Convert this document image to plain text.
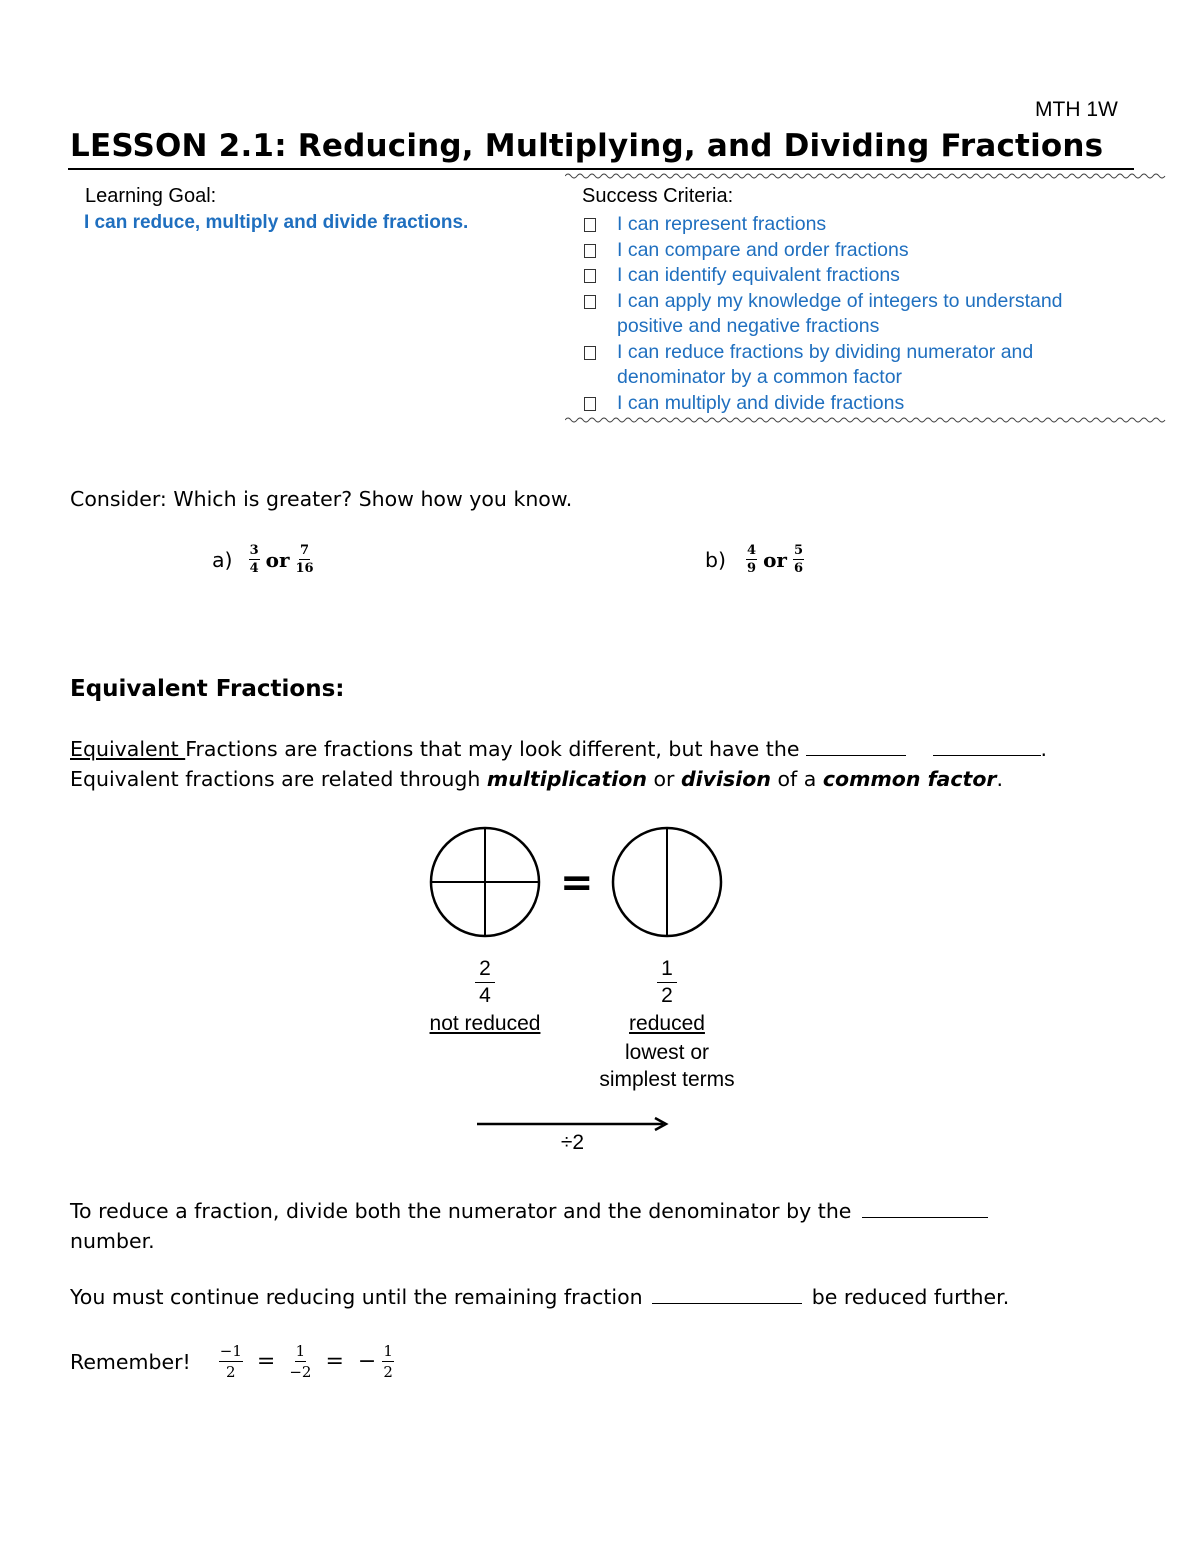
MTH 1W
LESSON 2.1: Reducing, Multiplying, and Dividing Fractions
Learning Goal:
I can reduce, multiply and divide fractions.
Success Criteria:
I can represent fractions
I can compare and order fractions
I can identify equivalent fractions
I can apply my knowledge of integers to understand
positive and negative fractions
I can reduce fractions by dividing numerator and
denominator by a common factor
I can multiply and divide fractions
Consider: Which is greater? Show how you know.
$a) \frac{3}{4}$ or $\frac{7}{16}$	$b) \frac{4}{9}$ or $\frac{5}{6}$
Equivalent Fractions:
Equivalent Fractions are fractions that may look different, but have the	.
Equivalent fractions are related through multiplication or division of a common factor.
=
2
4
not reduced
1
2
reduced
lowest or
simplest terms
÷2
To reduce a fraction, divide both the numerator and the denominator by the
number.
You must continue reducing until the remaining fraction	be reduced further.
Remember! $\frac{-1}{2} = \frac{1}{-2}$ = − $\frac{1}{2}$
